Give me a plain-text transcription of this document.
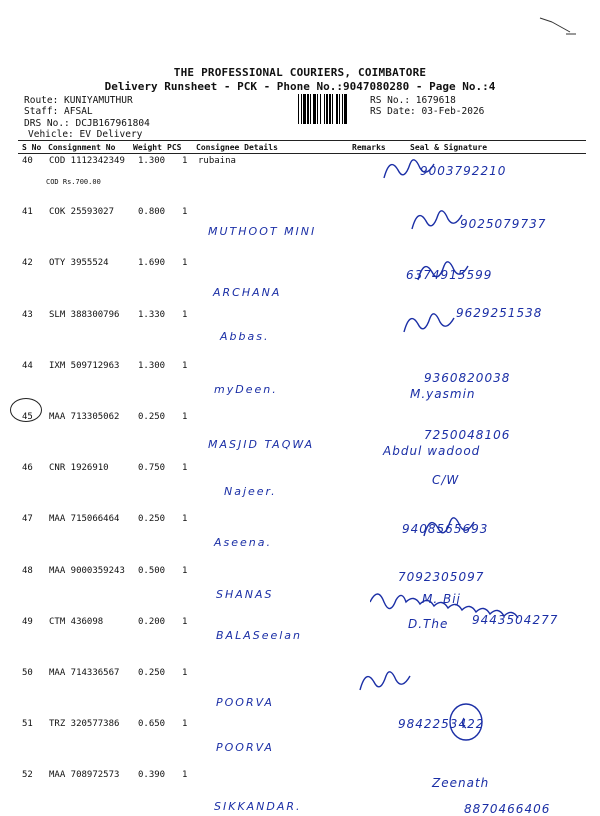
THE PROFESSIONAL COURIERS, COIMBATORE
Delivery Runsheet - PCK - Phone No.:9047080280 - Page No.:4
Route: KUNIYAMUTHUR
Staff: AFSAL
DRS No.: DCJB167961804
Vehicle: EV Delivery
RS No.: 1679618
RS Date: 03-Feb-2026
S No Consignment No Weight PCS Consignee Details	Remarks	Seal & Signature
40 COD 1112342349 1.300 1 rubaina
COD Rs.700.00
9003792210
41 COK 25593027	0.800 1
MUTHOOT MINI
9025079737
42 OTY 3955524	1.690 1
ARCHANA
6374915599
43 SLM 388300796 1.330 1
Abbas.
9629251538
44 IXM 509712963 1.300 1
myDeen.
9360820038
M.yasmin
45 MAA 713305062 0.250 1
MASJID TAQWA
7250048106
Abdul wadood
46 CNR 1926910	0.750 1
Najeer.
C/W
47 MAA 715066464 0.250 1
Aseena.
9408565693
48 MAA 9000359243 0.500 1
SHANAS
7092305097
M. Bij
49 CTM 436098	0.200 1
BALASeelan
9443504277
D.The
50 MAA 714336567 0.250 1
POORVA
51 TRZ 320577386 0.650 1
POORVA
9842253422
52 MAA 708972573 0.390 1
SIKKANDAR.	8870466406
Zeenath
